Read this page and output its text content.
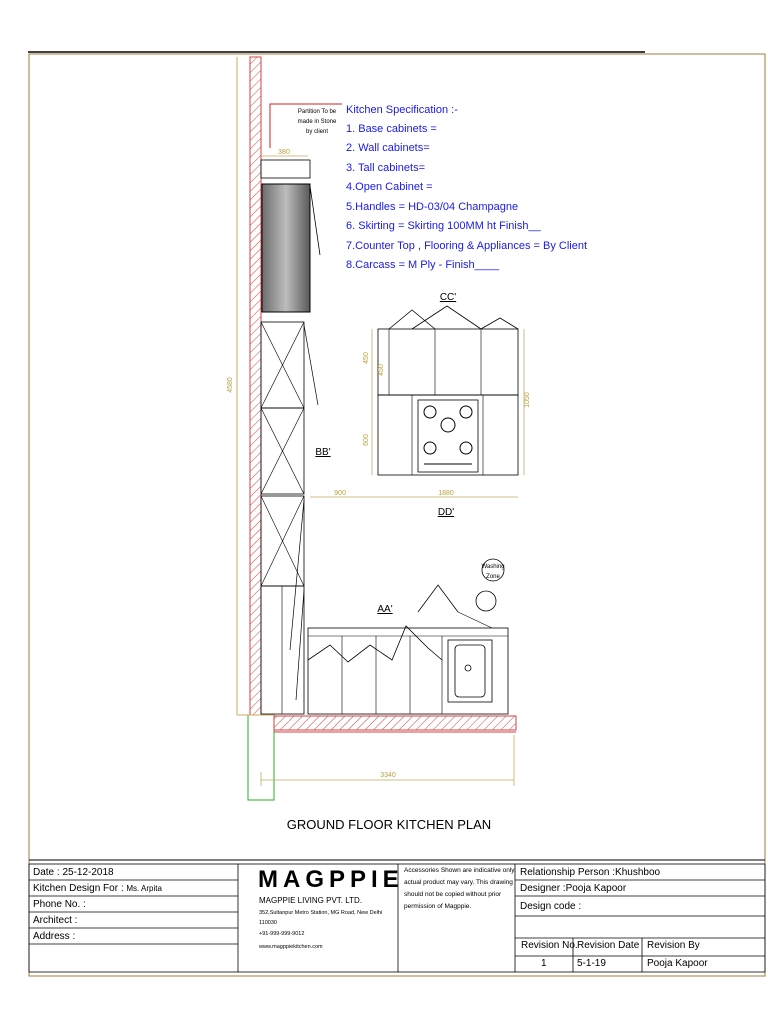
Partition To be
made in Stone
by client
380
4580
Kitchen Specification :-
1. Base cabinets =
2. Wall cabinets=
3. Tall cabinets=
4.Open Cabinet =
5.Handles = HD-03/04 Champagne
6. Skirting = Skirting 100MM ht Finish__
7.Counter Top , Flooring & Appliances = By Client
8.Carcass = M Ply - Finish____
CC'
450
450
600
1050
900	1880
DD'
BB'
AA'
Washing
Zone
3340
GROUND FLOOR KITCHEN PLAN
Date : 25-12-2018
Kitchen Design For : Ms. Arpita
Phone No. :
Architect :
Address :
MAGPPIE
MAGPPIE LIVING PVT. LTD.
352,Sultanpur Metro Station, MG Road, New Delhi
110030
+91-999-999-9012
www.magppiekitchen.com
Accessories Shown are indicative only,
actual product may vary. This drawing
should not be copied without prior
permission of Magppie.
Relationship Person :Khushboo
Designer :Pooja Kapoor
Design code :
Revision No. Revision Date Revision By
1	5-1-19	Pooja Kapoor
